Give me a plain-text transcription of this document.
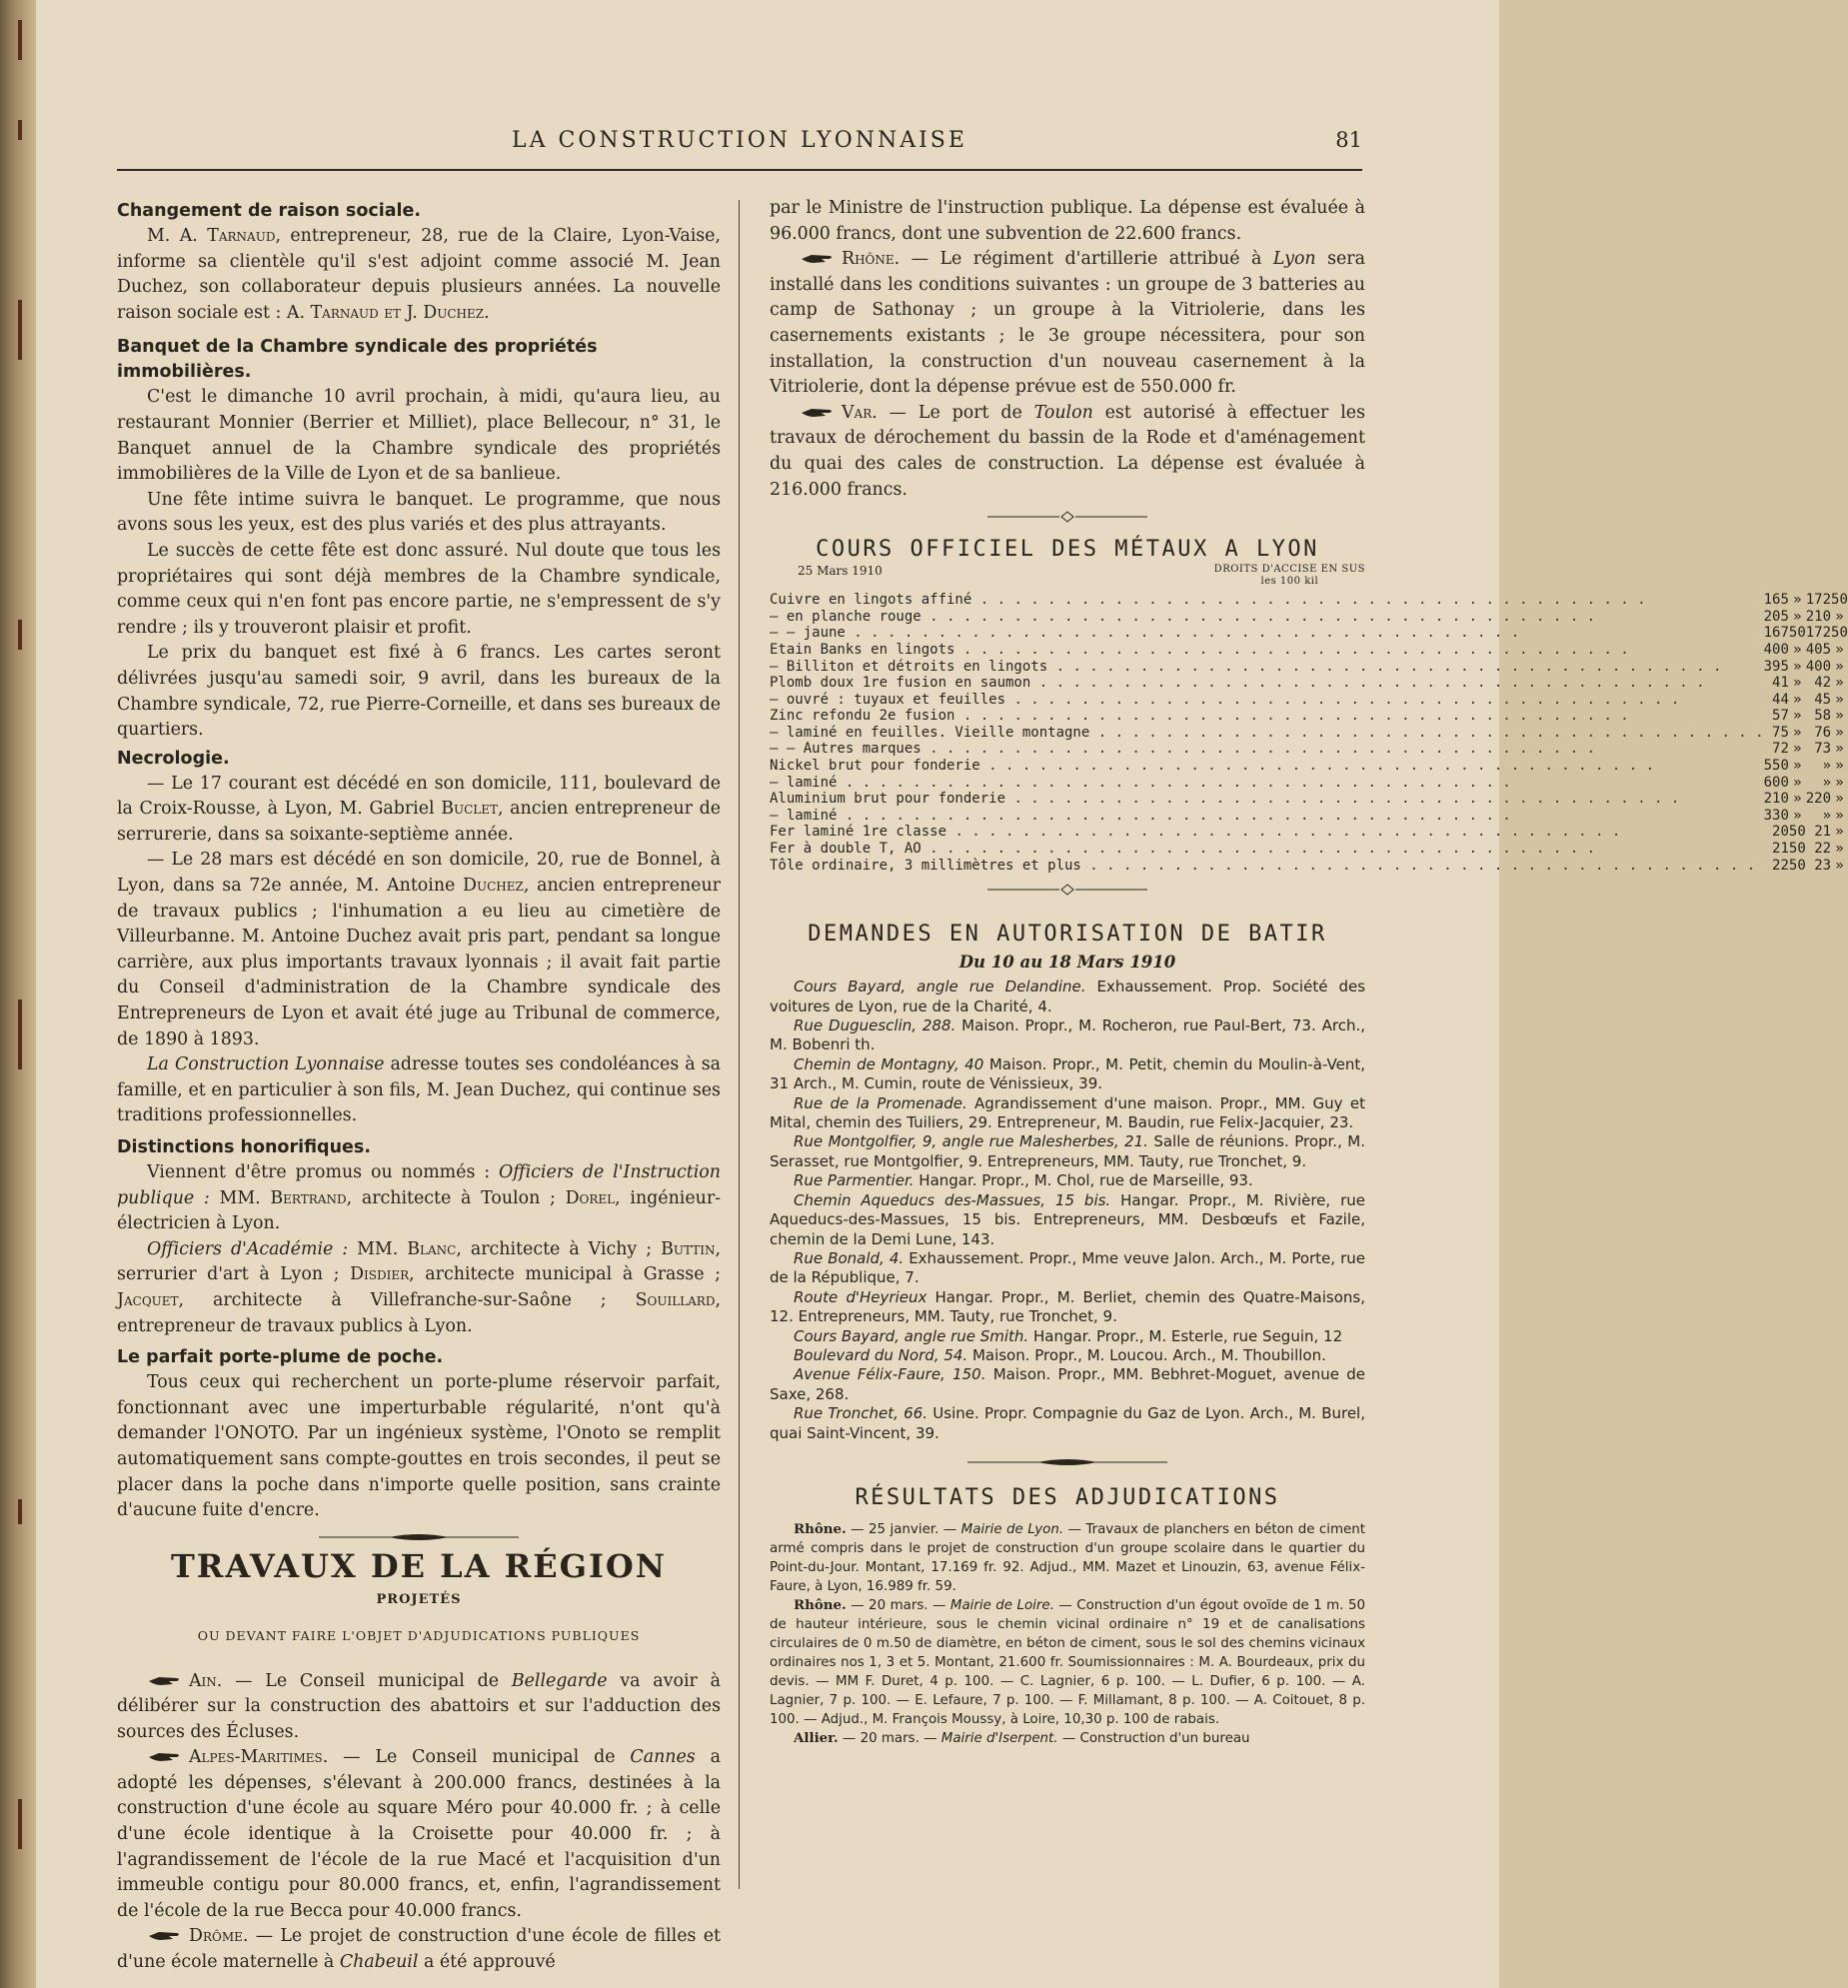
LA CONSTRUCTION LYONNAISE	81
Changement de raison sociale.

M. A. Tarnaud, entrepreneur, 28, rue de la Claire, Lyon-Vaise, informe sa clientèle qu'il s'est adjoint comme associé M. Jean Duchez, son collaborateur depuis plusieurs années. La nouvelle raison sociale est : A. Tarnaud et J. Duchez.

Banquet de la Chambre syndicale des propriétés immobilières.

C'est le dimanche 10 avril prochain, à midi, qu'aura lieu, au restaurant Monnier (Berrier et Milliet), place Bellecour, n° 31, le Banquet annuel de la Chambre syndicale des propriétés immobilières de la Ville de Lyon et de sa banlieue.

Une fête intime suivra le banquet. Le programme, que nous avons sous les yeux, est des plus variés et des plus attrayants.

Le succès de cette fête est donc assuré. Nul doute que tous les propriétaires qui sont déjà membres de la Chambre syndicale, comme ceux qui n'en font pas encore partie, ne s'empressent de s'y rendre ; ils y trouveront plaisir et profit.

Le prix du banquet est fixé à 6 francs. Les cartes seront délivrées jusqu'au samedi soir, 9 avril, dans les bureaux de la Chambre syndicale, 72, rue Pierre-Corneille, et dans ses bureaux de quartiers.

Necrologie.

— Le 17 courant est décédé en son domicile, 111, boulevard de la Croix-Rousse, à Lyon, M. Gabriel Buclet, ancien entrepreneur de serrurerie, dans sa soixante-septième année.

— Le 28 mars est décédé en son domicile, 20, rue de Bonnel, à Lyon, dans sa 72e année, M. Antoine Duchez, ancien entrepreneur de travaux publics ; l'inhumation a eu lieu au cimetière de Villeurbanne. M. Antoine Duchez avait pris part, pendant sa longue carrière, aux plus importants travaux lyonnais ; il avait fait partie du Conseil d'administration de la Chambre syndicale des Entrepreneurs de Lyon et avait été juge au Tribunal de commerce, de 1890 à 1893.

La Construction Lyonnaise adresse toutes ses condoléances à sa famille, et en particulier à son fils, M. Jean Duchez, qui continue ses traditions professionnelles.

Distinctions honorifiques.

Viennent d'être promus ou nommés : Officiers de l'Instruction publique : MM. Bertrand, architecte à Toulon ; Dorel, ingénieur-électricien à Lyon.

Officiers d'Académie : MM. Blanc, architecte à Vichy ; Buttin, serrurier d'art à Lyon ; Disdier, architecte municipal à Grasse ; Jacquet, architecte à Villefranche-sur-Saône ; Souillard, entrepreneur de travaux publics à Lyon.

Le parfait porte-plume de poche.

Tous ceux qui recherchent un porte-plume réservoir parfait, fonctionnant avec une imperturbable régularité, n'ont qu'à demander l'ONOTO. Par un ingénieux système, l'Onoto se remplit automatiquement sans compte-gouttes en trois secondes, il peut se placer dans la poche dans n'importe quelle position, sans crainte d'aucune fuite d'encre.

TRAVAUX DE LA RÉGION
PROJETÉS
OU DEVANT FAIRE L'OBJET D'ADJUDICATIONS PUBLIQUES

Ain. — Le Conseil municipal de Bellegarde va avoir à délibérer sur la construction des abattoirs et sur l'adduction des sources des Écluses.

Alpes-Maritimes. — Le Conseil municipal de Cannes a adopté les dépenses, s'élevant à 200.000 francs, destinées à la construction d'une école au square Méro pour 40.000 fr. ; à celle d'une école identique à la Croisette pour 40.000 fr. ; à l'agrandissement de l'école de la rue Macé et l'acquisition d'un immeuble contigu pour 80.000 francs, et, enfin, l'agrandissement de l'école de la rue Becca pour 40.000 francs.

Drôme. — Le projet de construction d'une école de filles et d'une école maternelle à Chabeuil a été approuvé

par le Ministre de l'instruction publique. La dépense est évaluée à 96.000 francs, dont une subvention de 22.600 francs.

Rhône. — Le régiment d'artillerie attribué à Lyon sera installé dans les conditions suivantes : un groupe de 3 batteries au camp de Sathonay ; un groupe à la Vitriolerie, dans les casernements existants ; le 3e groupe nécessitera, pour son installation, la construction d'un nouveau casernement à la Vitriolerie, dont la dépense prévue est de 550.000 fr.

Var. — Le port de Toulon est autorisé à effectuer les travaux de dérochement du bassin de la Rode et d'aménagement du quai des cales de construction. La dépense est évaluée à 216.000 francs.

COURS OFFICIEL DES MÉTAUX A LYON
25 Mars 1910	DROITS D'ACCISE EN SUS
les 100 kil
Cuivre en lingots affiné . . . . . . . . . . . . . . . . . . . . . . . . . . . . . . . . . . . . . . . .	165	»	172	50
— en planche rouge . . . . . . . . . . . . . . . . . . . . . . . . . . . . . . . . . . . . . . . .	205	»	210	»
— — jaune . . . . . . . . . . . . . . . . . . . . . . . . . . . . . . . . . . . . . . . .	167	50	172	50
Etain Banks en lingots . . . . . . . . . . . . . . . . . . . . . . . . . . . . . . . . . . . . . . . .	400	»	405	»
— Billiton et détroits en lingots . . . . . . . . . . . . . . . . . . . . . . . . . . . . . . . . . . . . . . . .	395	»	400	»
Plomb doux 1re fusion en saumon . . . . . . . . . . . . . . . . . . . . . . . . . . . . . . . . . . . . . . . .	41	»	42	»
— ouvré : tuyaux et feuilles . . . . . . . . . . . . . . . . . . . . . . . . . . . . . . . . . . . . . . . .	44	»	45	»
Zinc refondu 2e fusion . . . . . . . . . . . . . . . . . . . . . . . . . . . . . . . . . . . . . . . .	57	»	58	»
— laminé en feuilles. Vieille montagne . . . . . . . . . . . . . . . . . . . . . . . . . . . . . . . . . . . . . . . .	75	»	76	»
— — Autres marques . . . . . . . . . . . . . . . . . . . . . . . . . . . . . . . . . . . . . . . .	72	»	73	»
Nickel brut pour fonderie . . . . . . . . . . . . . . . . . . . . . . . . . . . . . . . . . . . . . . . .	550	»	»	»
— laminé . . . . . . . . . . . . . . . . . . . . . . . . . . . . . . . . . . . . . . . .	600	»	»	»
Aluminium brut pour fonderie . . . . . . . . . . . . . . . . . . . . . . . . . . . . . . . . . . . . . . . .	210	»	220	»
— laminé . . . . . . . . . . . . . . . . . . . . . . . . . . . . . . . . . . . . . . . .	330	»	»	»
Fer laminé 1re classe . . . . . . . . . . . . . . . . . . . . . . . . . . . . . . . . . . . . . . . .	20	50	21	»
Fer à double T, AO . . . . . . . . . . . . . . . . . . . . . . . . . . . . . . . . . . . . . . . .	21	50	22	»
Tôle ordinaire, 3 millimètres et plus . . . . . . . . . . . . . . . . . . . . . . . . . . . . . . . . . . . . . . . .	22	50	23	»
DEMANDES EN AUTORISATION DE BATIR
Du 10 au 18 Mars 1910

Cours Bayard, angle rue Delandine. Exhaussement. Prop. Société des voitures de Lyon, rue de la Charité, 4.

Rue Duguesclin, 288. Maison. Propr., M. Rocheron, rue Paul-Bert, 73. Arch., M. Bobenri th.

Chemin de Montagny, 40 Maison. Propr., M. Petit, chemin du Moulin-à-Vent, 31 Arch., M. Cumin, route de Vénissieux, 39.

Rue de la Promenade. Agrandissement d'une maison. Propr., MM. Guy et Mital, chemin des Tuiliers, 29. Entrepreneur, M. Baudin, rue Felix-Jacquier, 23.

Rue Montgolfier, 9, angle rue Malesherbes, 21. Salle de réunions. Propr., M. Serasset, rue Montgolfier, 9. Entrepreneurs, MM. Tauty, rue Tronchet, 9.

Rue Parmentier. Hangar. Propr., M. Chol, rue de Marseille, 93.

Chemin Aqueducs des-Massues, 15 bis. Hangar. Propr., M. Rivière, rue Aqueducs-des-Massues, 15 bis. Entrepreneurs, MM. Desbœufs et Fazile, chemin de la Demi Lune, 143.

Rue Bonald, 4. Exhaussement. Propr., Mme veuve Jalon. Arch., M. Porte, rue de la République, 7.

Route d'Heyrieux Hangar. Propr., M. Berliet, chemin des Quatre-Maisons, 12. Entrepreneurs, MM. Tauty, rue Tronchet, 9.

Cours Bayard, angle rue Smith. Hangar. Propr., M. Esterle, rue Seguin, 12

Boulevard du Nord, 54. Maison. Propr., M. Loucou. Arch., M. Thoubillon.

Avenue Félix-Faure, 150. Maison. Propr., MM. Bebhret-Moguet, avenue de Saxe, 268.

Rue Tronchet, 66. Usine. Propr. Compagnie du Gaz de Lyon. Arch., M. Burel, quai Saint-Vincent, 39.

RÉSULTATS DES ADJUDICATIONS

Rhône. — 25 janvier. — Mairie de Lyon. — Travaux de planchers en béton de ciment armé compris dans le projet de construction d'un groupe scolaire dans le quartier du Point-du-Jour. Montant, 17.169 fr. 92. Adjud., MM. Mazet et Linouzin, 63, avenue Félix-Faure, à Lyon, 16.989 fr. 59.

Rhône. — 20 mars. — Mairie de Loire. — Construction d'un égout ovoïde de 1 m. 50 de hauteur intérieure, sous le chemin vicinal ordinaire n° 19 et de canalisations circulaires de 0 m.50 de diamètre, en béton de ciment, sous le sol des chemins vicinaux ordinaires nos 1, 3 et 5. Montant, 21.600 fr. Soumissionnaires : M. A. Bourdeaux, prix du devis. — MM F. Duret, 4 p. 100. — C. Lagnier, 6 p. 100. — L. Dufier, 6 p. 100. — A. Lagnier, 7 p. 100. — E. Lefaure, 7 p. 100. — F. Millamant, 8 p. 100. — A. Coitouet, 8 p. 100. — Adjud., M. François Moussy, à Loire, 10,30 p. 100 de rabais.

Allier. — 20 mars. — Mairie d'Iserpent. — Construction d'un bureau
